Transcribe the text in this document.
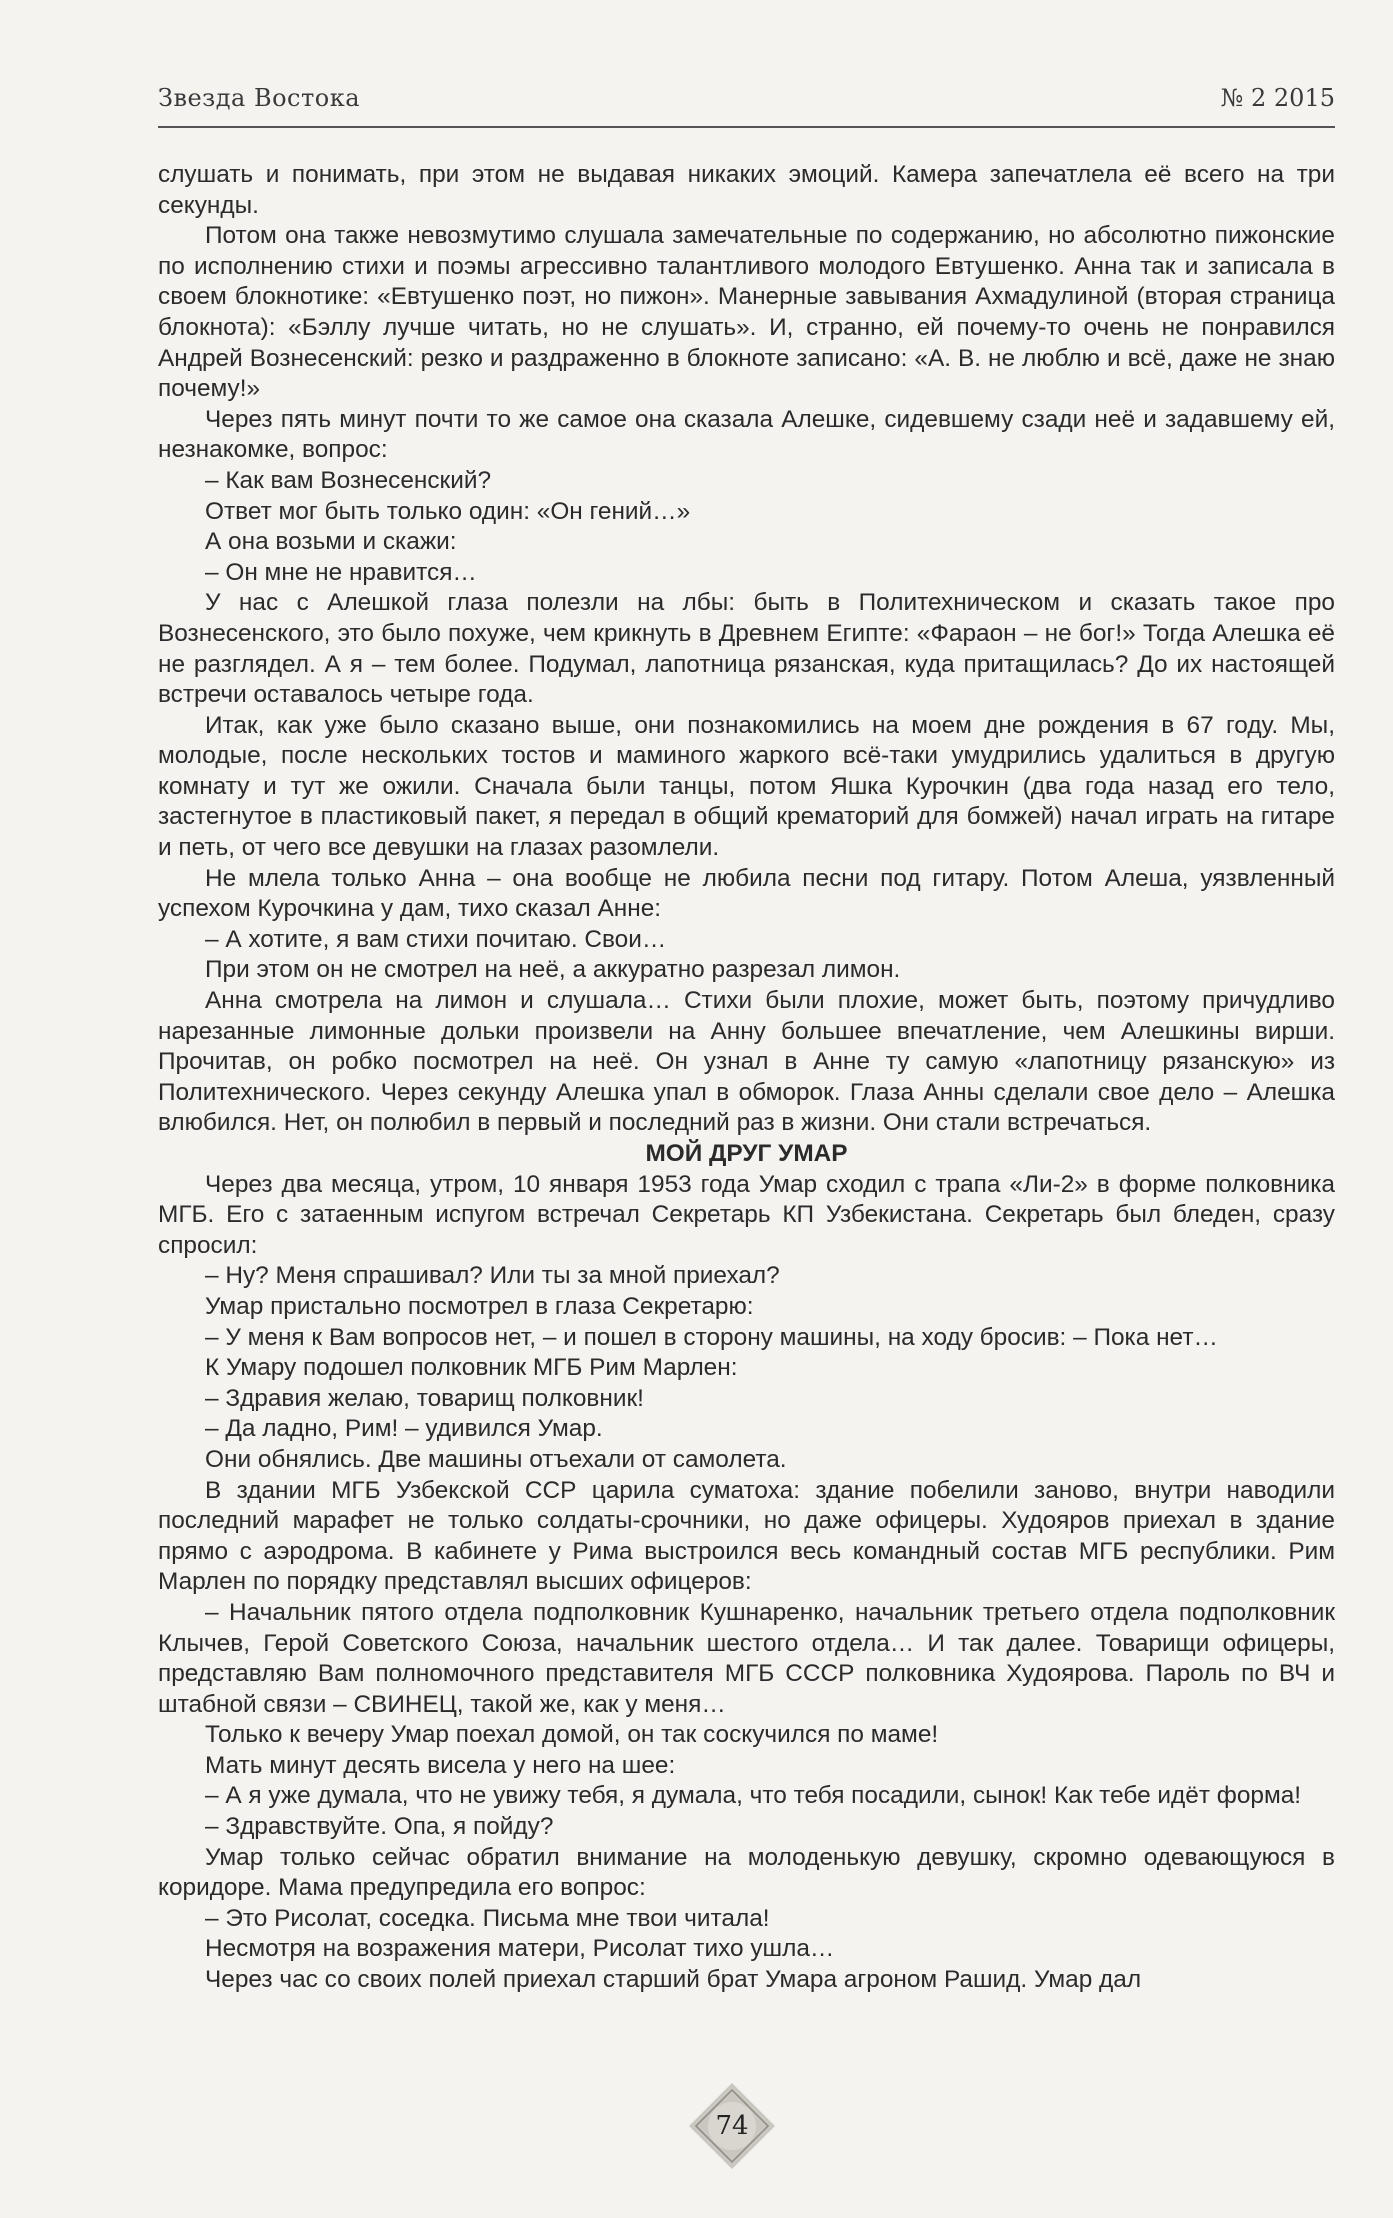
Звезда Востока	№ 2 2015

слушать и понимать, при этом не выдавая никаких эмоций. Камера запечатлела её всего на три секунды.

Потом она также невозмутимо слушала замечательные по содержанию, но абсолютно пижонские по исполнению стихи и поэмы агрессивно талантливого молодого Евтушенко. Анна так и записала в своем блокнотике: «Евтушенко поэт, но пижон». Манерные завывания Ахмадулиной (вторая страница блокнота): «Бэллу лучше читать, но не слушать». И, странно, ей почему-то очень не понравился Андрей Вознесенский: резко и раздраженно в блокноте записано: «А. В. не люблю и всё, даже не знаю почему!»

Через пять минут почти то же самое она сказала Алешке, сидевшему сзади неё и задавшему ей, незнакомке, вопрос:

– Как вам Вознесенский?

Ответ мог быть только один: «Он гений…»

А она возьми и скажи:

– Он мне не нравится…

У нас с Алешкой глаза полезли на лбы: быть в Политехническом и сказать такое про Вознесенского, это было похуже, чем крикнуть в Древнем Египте: «Фараон – не бог!» Тогда Алешка её не разглядел. А я – тем более. Подумал, лапотница рязанская, куда притащилась? До их настоящей встречи оставалось четыре года.

Итак, как уже было сказано выше, они познакомились на моем дне рождения в 67 году. Мы, молодые, после нескольких тостов и маминого жаркого всё-таки умудрились удалиться в другую комнату и тут же ожили. Сначала были танцы, потом Яшка Курочкин (два года назад его тело, застегнутое в пластиковый пакет, я передал в общий крематорий для бомжей) начал играть на гитаре и петь, от чего все девушки на глазах разомлели.

Не млела только Анна – она вообще не любила песни под гитару. Потом Алеша, уязвленный успехом Курочкина у дам, тихо сказал Анне:

– А хотите, я вам стихи почитаю. Свои…

При этом он не смотрел на неё, а аккуратно разрезал лимон.

Анна смотрела на лимон и слушала… Стихи были плохие, может быть, поэтому причудливо нарезанные лимонные дольки произвели на Анну большее впечатление, чем Алешкины вирши. Прочитав, он робко посмотрел на неё. Он узнал в Анне ту самую «лапотницу рязанскую» из Политехнического. Через секунду Алешка упал в обморок. Глаза Анны сделали свое дело – Алешка влюбился. Нет, он полюбил в первый и последний раз в жизни. Они стали встречаться.

МОЙ ДРУГ УМАР

Через два месяца, утром, 10 января 1953 года Умар сходил с трапа «Ли-2» в форме полковника МГБ. Его с затаенным испугом встречал Секретарь КП Узбекистана. Секретарь был бледен, сразу спросил:

– Ну? Меня спрашивал? Или ты за мной приехал?

Умар пристально посмотрел в глаза Секретарю:

– У меня к Вам вопросов нет, – и пошел в сторону машины, на ходу бросив: – Пока нет…

К Умару подошел полковник МГБ Рим Марлен:

– Здравия желаю, товарищ полковник!

– Да ладно, Рим! – удивился Умар.

Они обнялись. Две машины отъехали от самолета.

В здании МГБ Узбекской ССР царила суматоха: здание побелили заново, внутри наводили последний марафет не только солдаты-срочники, но даже офицеры. Худояров приехал в здание прямо с аэродрома. В кабинете у Рима выстроился весь командный состав МГБ республики. Рим Марлен по порядку представлял высших офицеров:

– Начальник пятого отдела подполковник Кушнаренко, начальник третьего отдела подполковник Клычев, Герой Советского Союза, начальник шестого отдела… И так далее. Товарищи офицеры, представляю Вам полномочного представителя МГБ СССР полковника Худоярова. Пароль по ВЧ и штабной связи – СВИНЕЦ, такой же, как у меня…

Только к вечеру Умар поехал домой, он так соскучился по маме!

Мать минут десять висела у него на шее:

– А я уже думала, что не увижу тебя, я думала, что тебя посадили, сынок! Как тебе идёт форма!

– Здравствуйте. Опа, я пойду?

Умар только сейчас обратил внимание на молоденькую девушку, скромно одевающуюся в коридоре. Мама предупредила его вопрос:

– Это Рисолат, соседка. Письма мне твои читала!

Несмотря на возражения матери, Рисолат тихо ушла…

Через час со своих полей приехал старший брат Умара агроном Рашид. Умар дал

74
